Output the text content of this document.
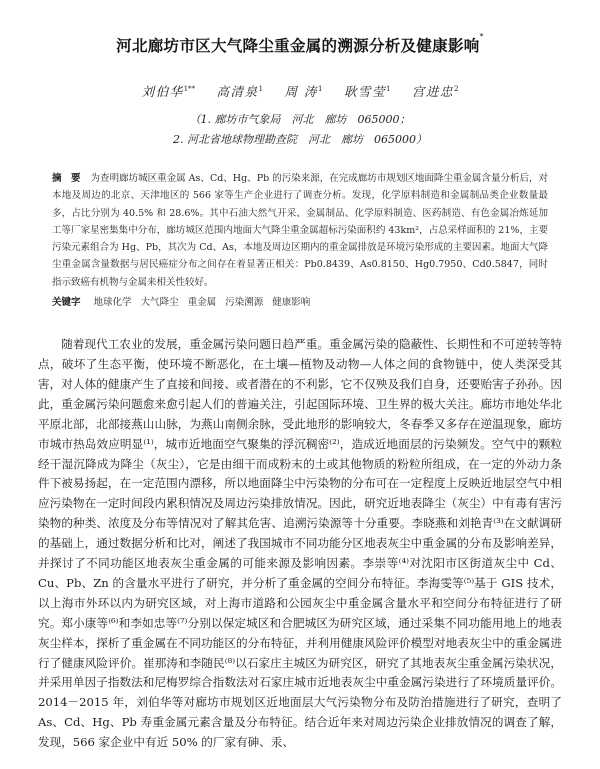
河北廊坊市区大气降尘重金属的溯源分析及健康影响*
刘伯华$^{1**}$ 高清泉$^1$ 周 涛$^1$ 耿雪莹$^1$ 宫进忠$^2$
（1. 廊坊市气象局　河北　廊坊　065000；
2. 河北省地球物理勘查院　河北　廊坊　065000）
摘　要 为查明廊坊城区重金属 As、Cd、Hg、Pb 的污染来源，在完成廊坊市规划区地面降尘重金属含量分析后，对本地及周边的北京、天津地区的 566 家等生产企业进行了调查分析。发现，化学原料制造和金属制品类企业数量最多，占比分别为 40.5% 和 28.6%。其中石油大然气开采、金属制品、化学原料制造、医药制造、有色金属冶炼延加工等厂家星密集集中分布，廊坊城区范围内地面大气降尘重金属超标污染面积约 43km²，占总采样面积的 21%，主要污染元素组合为 Hg、Pb，其次为 Cd、As，本地及周边区期内的重金属排放是环境污染形成的主要因素。地面大气降尘重金属含量数据与居民癌症分布之间存在着显著正相关：Pb0.8439、As0.8150、Hg0.7950、Cd0.5847，同时指示致癌有机物与金属来相关性较好。
关键字 地球化学 大气降尘 重金属 污染溯源 健康影响

随着现代工农业的发展，重金属污染问题日趋严重。重金属污染的隐蔽性、长期性和不可逆转等特点，破坏了生态平衡，使环境不断恶化，在土壤—植物及动物—人体之间的食物链中，使人类深受其害，对人体的健康产生了直接和间接、或者潜在的不利影，它不仅殃及我们自身，还要贻害子孙孙。因此，重金属污染问题愈来愈引起人们的普遍关注，引起国际环境、卫生界的极大关注。廊坊市地处华北平原北部，北部接燕山山脉，为燕山南侧余脉，受此地形的影响较大，冬春季又多存在逆温现象，廊坊市城市热岛效应明显⁽¹⁾，城市近地面空气聚集的浮沉稠密⁽²⁾，造成近地面层的污染频发。空气中的颗粒经干湿沉降成为降尘（灰尘），它是由细干而成粉末的土或其他物质的粉粒所组成，在一定的外动力条件下被易扬起，在一定范围内漂移，所以地面降尘中污染物的分布可在一定程度上反映近地层空气中相应污染物在一定时间段内累积情况及周边污染排放情况。因此，研究近地表降尘（灰尘）中有毒有害污染物的种类、浓度及分布等情况对了解其危害、追溯污染源等十分重要。李晓燕和刘艳青⁽³⁾在文献调研的基础上，通过数据分析和比对，阐述了我国城市不同功能分区地表灰尘中重金属的分布及影响差异，并探讨了不同功能区地表灰尘重金属的可能来源及影响因素。李崇等⁽⁴⁾对沈阳市区街道灰尘中 Cd、Cu、Pb、Zn 的含量水平进行了研究，并分析了重金属的空间分布特征。李海雯等⁽⁵⁾基于 GIS 技术，以上海市外环以内为研究区域，对上海市道路和公园灰尘中重金属含量水平和空间分布特征进行了研究。郑小康等⁽⁶⁾和李如忠等⁽⁷⁾分别以保定城区和合肥城区为研究区域，通过采集不同功能用地上的地表灰尘样本，探析了重金属在不同功能区的分布特征，并利用健康风险评价模型对地表灰尘中的重金属进行了健康风险评价。崔那涛和李随民⁽⁸⁾以石家庄主城区为研究区，研究了其地表灰尘重金属污染状况，并采用单因子指数法和尼梅罗综合指数法对石家庄城市近地表灰尘中重金属污染进行了环境质量评价。2014－2015 年，刘伯华等对廊坊市规划区近地面层大气污染物分布及防治措施进行了研究，查明了 As、Cd、Hg、Pb 寿重金属元素含量及分布特征。结合近年来对周边污染企业排放情况的调查了解，发现，566 家企业中有近 50% 的厂家有砷、汞、
